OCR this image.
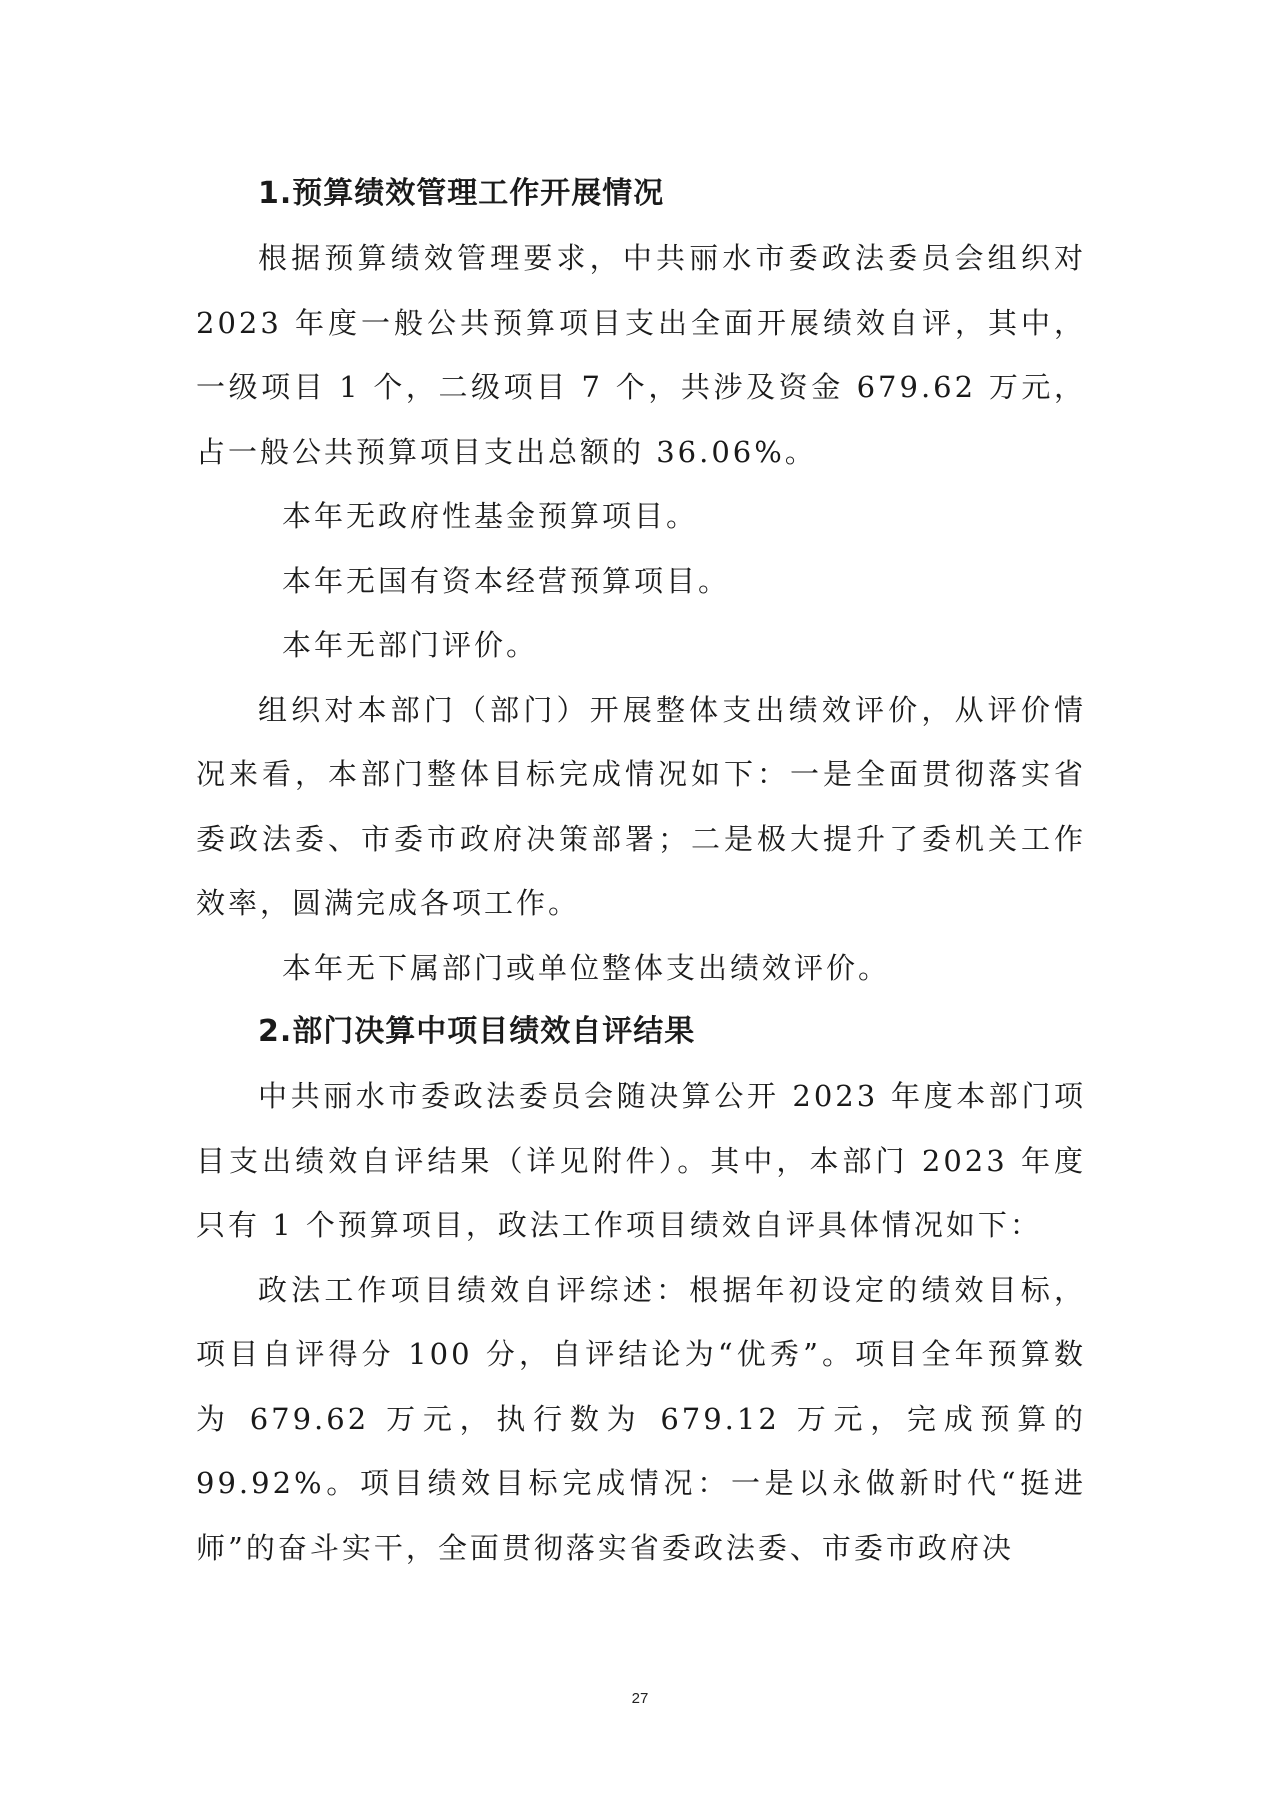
1.预算绩效管理工作开展情况

根据预算绩效管理要求，中共丽水市委政法委员会组织对 2023 年度一般公共预算项目支出全面开展绩效自评，其中，一级项目 1 个，二级项目 7 个，共涉及资金 679.62 万元，占一般公共预算项目支出总额的 36.06%。

本年无政府性基金预算项目。

本年无国有资本经营预算项目。

本年无部门评价。

组织对本部门（部门）开展整体支出绩效评价，从评价情况来看，本部门整体目标完成情况如下：一是全面贯彻落实省委政法委、市委市政府决策部署；二是极大提升了委机关工作效率，圆满完成各项工作。

本年无下属部门或单位整体支出绩效评价。

2.部门决算中项目绩效自评结果

中共丽水市委政法委员会随决算公开 2023 年度本部门项目支出绩效自评结果（详见附件）。其中，本部门 2023 年度只有 1 个预算项目，政法工作项目绩效自评具体情况如下：

政法工作项目绩效自评综述：根据年初设定的绩效目标，项目自评得分 100 分，自评结论为“优秀”。项目全年预算数为 679.62 万元，执行数为 679.12 万元，完成预算的 99.92%。项目绩效目标完成情况：一是以永做新时代“挺进师”的奋斗实干，全面贯彻落实省委政法委、市委市政府决

27
